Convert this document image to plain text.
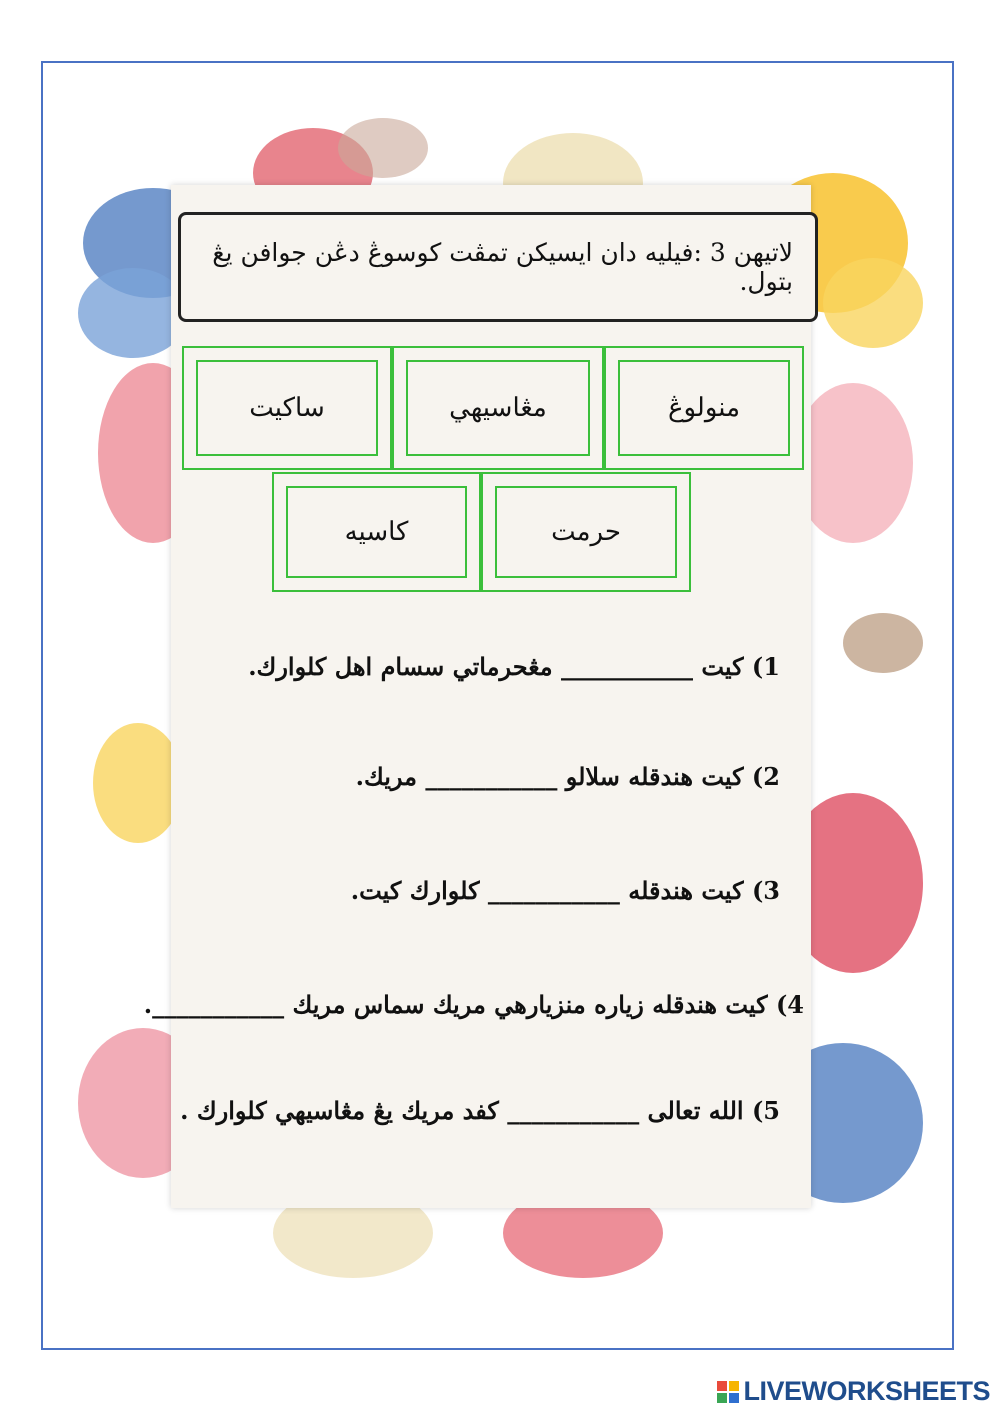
لاتيهن 3 :فيليه دان ايسيكن تمڤت كوسوڠ دڠن جوافن يڠ بتول.
منولوڠ
مڠاسيهي
ساكيت
حرمت
كاسيه
1) كيت ___________ مڠحرماتي سسام اهل كلوارك.
2) كيت هندقله سلالو ___________ مريك.
3) كيت هندقله ___________ كلوارك كيت.
4) كيت هندقله زياره منزيارهي مريك سماس مريك ___________.
5) الله تعالى ___________ كفد مريك يڠ مڠاسيهي كلوارك .
LIVEWORKSHEETS
